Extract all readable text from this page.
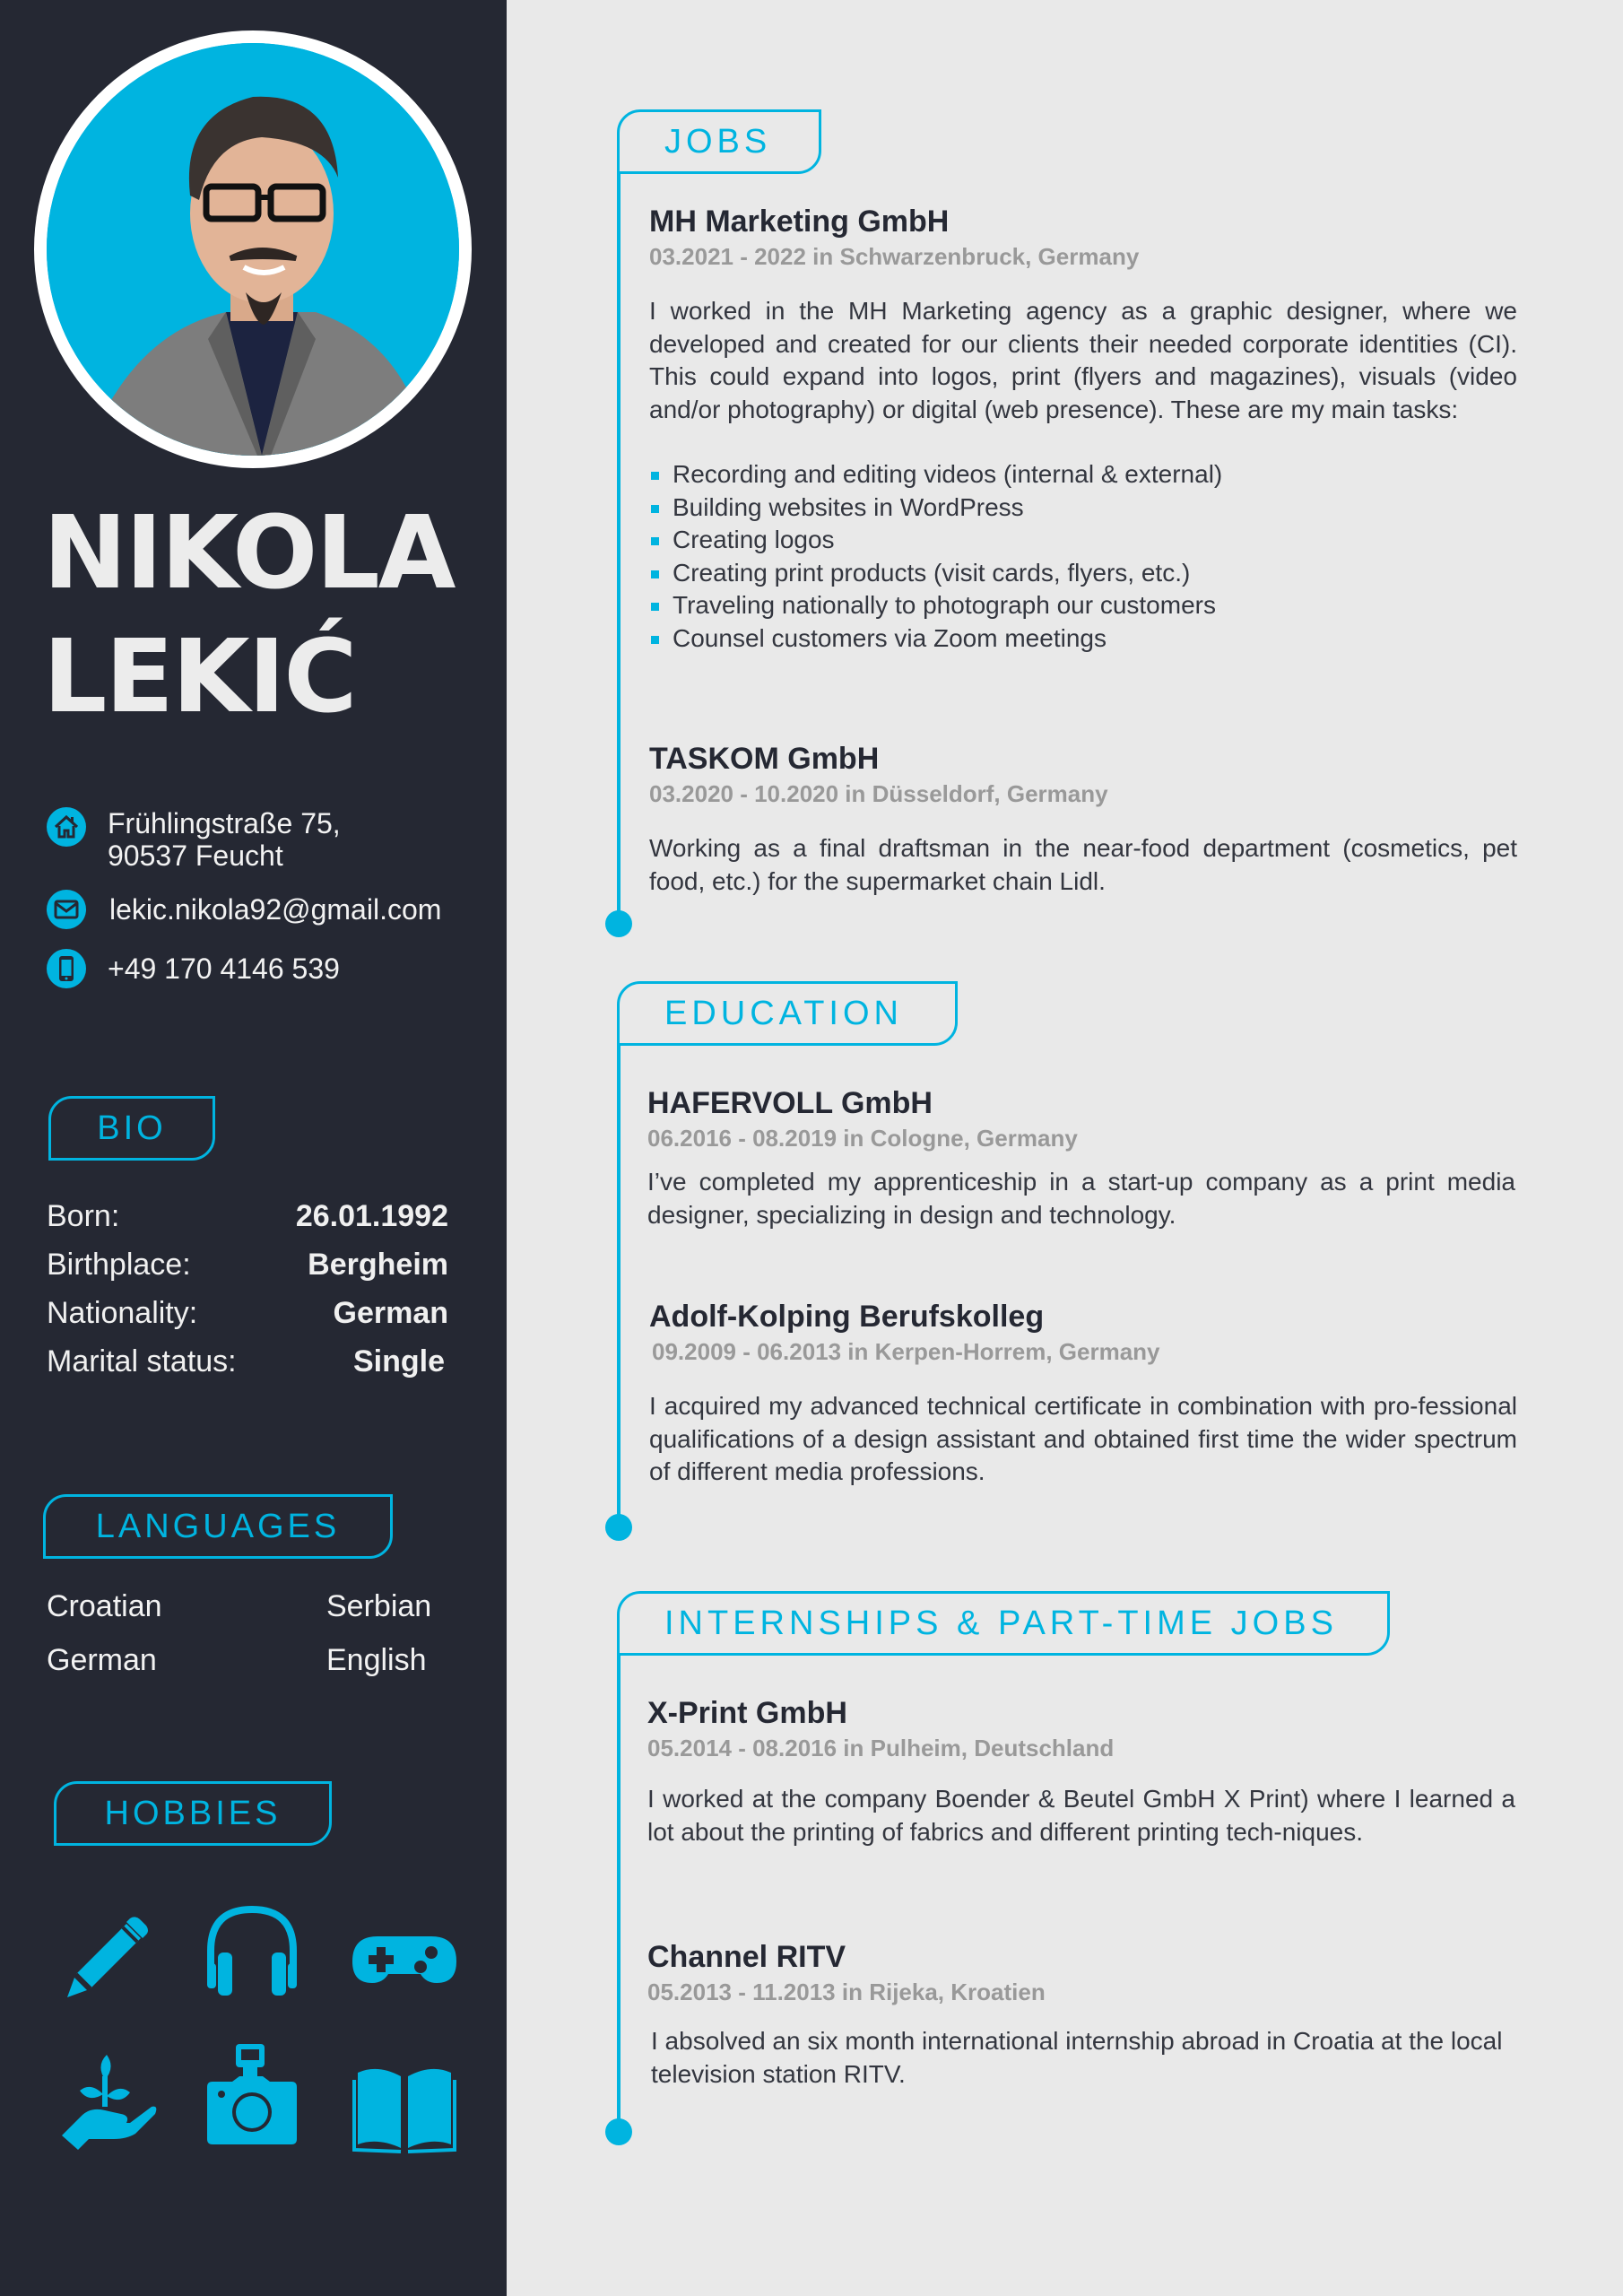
NIKOLA
LEKIĆ
Frühlingstraße 75,
90537 Feucht
lekic.nikola92@gmail.com
+49 170 4146 539
BIO
Born:	26.01.1992
Birthplace:	Bergheim
Nationality:	German
Marital status:	Single
LANGUAGES
Croatian	Serbian
German	English
HOBBIES
JOBS
MH Marketing GmbH
03.2021 - 2022 in Schwarzenbruck, Germany
I worked in the MH Marketing agency as a graphic designer, where we developed and created for our clients their needed corporate identities (CI). This could expand into logos, print (flyers and magazines), visuals (video and/or photography) or digital (web presence). These are my main tasks:
Recording and editing videos (internal & external)
Building websites in WordPress
Creating logos
Creating print products (visit cards, flyers, etc.)
Traveling nationally to photograph our customers
Counsel customers via Zoom meetings
TASKOM GmbH
03.2020 - 10.2020 in Düsseldorf, Germany
Working as a final draftsman in the near-food department (cosmetics, pet food, etc.) for the supermarket chain Lidl.
EDUCATION
HAFERVOLL GmbH
06.2016 - 08.2019 in Cologne, Germany
I’ve completed my apprenticeship in a start-up company as a print media designer, specializing in design and technology.
Adolf-Kolping Berufskolleg
09.2009 - 06.2013 in Kerpen-Horrem, Germany
I acquired my advanced technical certificate in combination with pro-fessional qualifications of a design assistant and obtained first time the wider spectrum of different media professions.
INTERNSHIPS & PART-TIME JOBS
X-Print GmbH
05.2014 - 08.2016 in Pulheim, Deutschland
I worked at the company Boender & Beutel GmbH X Print) where I learned a lot about the printing of fabrics and different printing tech-niques.
Channel RITV
05.2013 - 11.2013 in Rijeka, Kroatien
I absolved an six month international internship abroad in Croatia at the local television station RITV.
